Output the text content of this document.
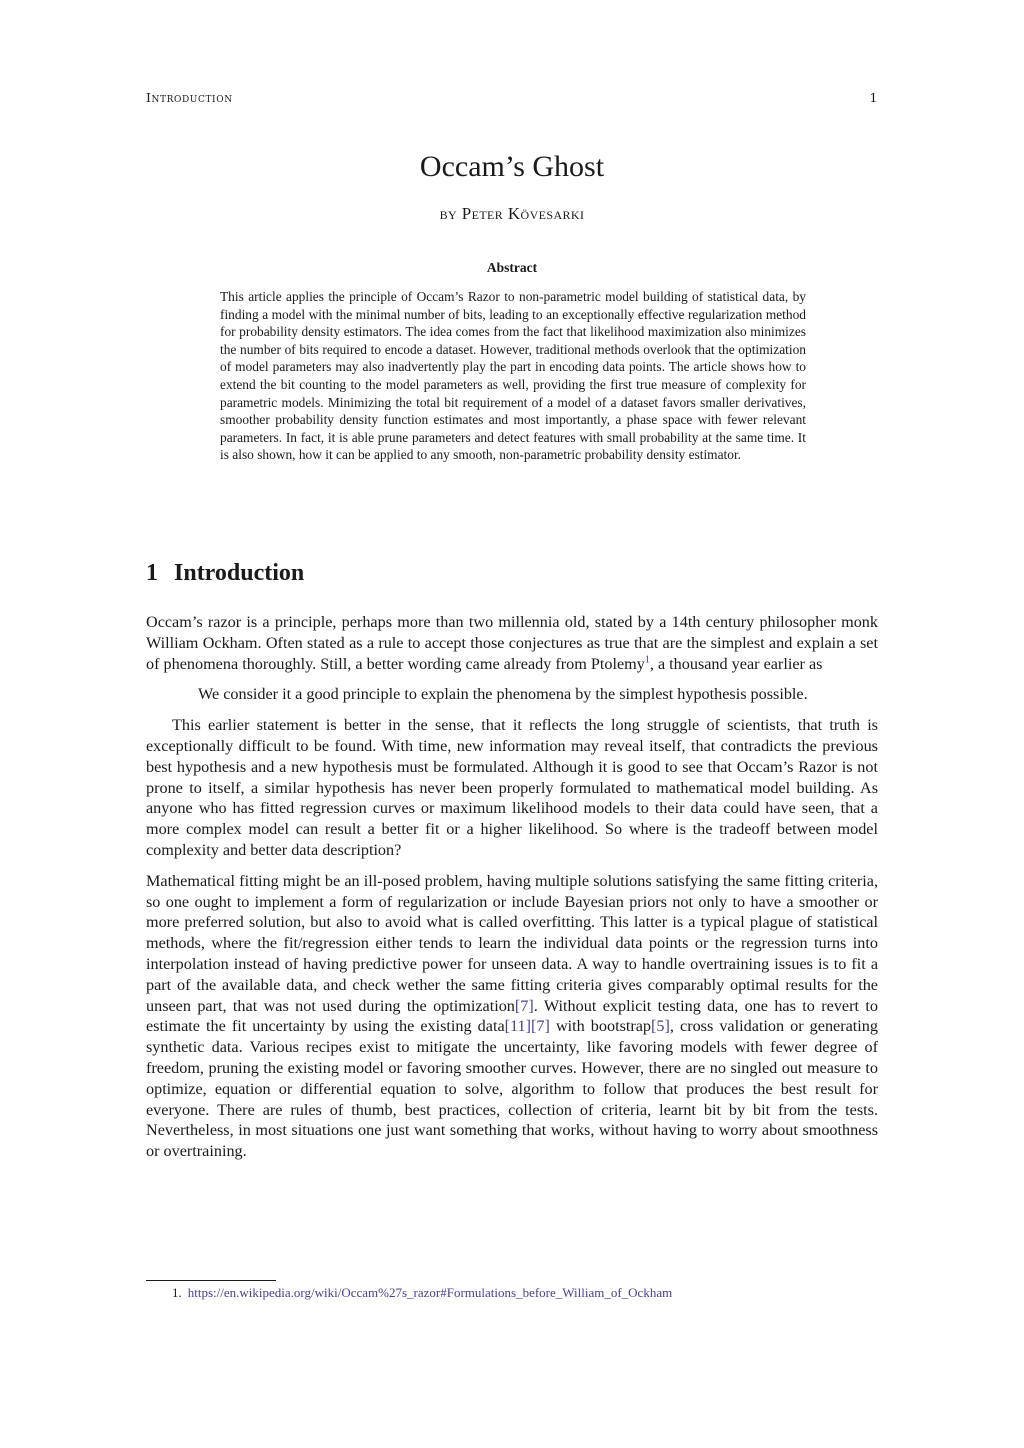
Introduction	1
Occam’s Ghost
by Peter Kövesarki
Abstract

This article applies the principle of Occam’s Razor to non-parametric model building of statistical data, by finding a model with the minimal number of bits, leading to an exceptionally effective regularization method for probability density estimators. The idea comes from the fact that likelihood maximization also minimizes the number of bits required to encode a dataset. However, traditional methods overlook that the optimization of model parameters may also inadvertently play the part in encoding data points. The article shows how to extend the bit counting to the model parameters as well, providing the first true measure of complexity for parametric models. Minimizing the total bit requirement of a model of a dataset favors smaller derivatives, smoother probability density function estimates and most importantly, a phase space with fewer relevant parameters. In fact, it is able prune parameters and detect features with small probability at the same time. It is also shown, how it can be applied to any smooth, non-parametric probability density estimator.

1 Introduction

Occam’s razor is a principle, perhaps more than two millennia old, stated by a 14th century philosopher monk William Ockham. Often stated as a rule to accept those conjectures as true that are the simplest and explain a set of phenomena thoroughly. Still, a better wording came already from Ptolemy$^1$, a thousand year earlier as

We consider it a good principle to explain the phenomena by the simplest hypothesis possible.

This earlier statement is better in the sense, that it reflects the long struggle of scientists, that truth is exceptionally difficult to be found. With time, new information may reveal itself, that contradicts the previous best hypothesis and a new hypothesis must be formulated. Although it is good to see that Occam’s Razor is not prone to itself, a similar hypothesis has never been properly formulated to mathematical model building. As anyone who has fitted regression curves or maximum likelihood models to their data could have seen, that a more complex model can result a better fit or a higher likelihood. So where is the tradeoff between model complexity and better data description?

Mathematical fitting might be an ill-posed problem, having multiple solutions satisfying the same fitting criteria, so one ought to implement a form of regularization or include Bayesian priors not only to have a smoother or more preferred solution, but also to avoid what is called overfitting. This latter is a typical plague of statistical methods, where the fit/regression either tends to learn the individual data points or the regression turns into interpolation instead of having predictive power for unseen data. A way to handle overtraining issues is to fit a part of the available data, and check wether the same fitting criteria gives comparably optimal results for the unseen part, that was not used during the optimization[7]. Without explicit testing data, one has to revert to estimate the fit uncertainty by using the existing data[11][7] with bootstrap[5], cross validation or generating synthetic data. Various recipes exist to mitigate the uncertainty, like favoring models with fewer degree of freedom, pruning the existing model or favoring smoother curves. However, there are no singled out measure to optimize, equation or differential equation to solve, algorithm to follow that produces the best result for everyone. There are rules of thumb, best practices, collection of criteria, learnt bit by bit from the tests. Nevertheless, in most situations one just want something that works, without having to worry about smoothness or overtraining.

1. https://en.wikipedia.org/wiki/Occam%27s_razor#Formulations_before_William_of_Ockham
